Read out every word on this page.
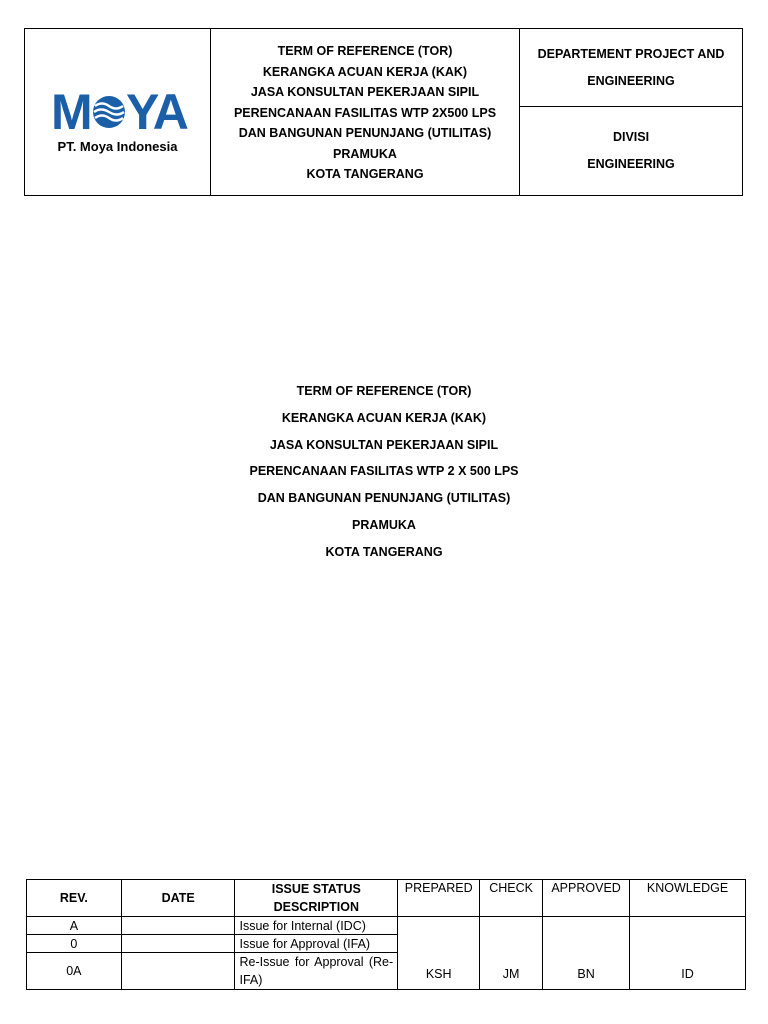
M YA
PT. Moya Indonesia
TERM OF REFERENCE (TOR)
KERANGKA ACUAN KERJA (KAK)
JASA KONSULTAN PEKERJAAN SIPIL
PERENCANAAN FASILITAS WTP 2X500 LPS
DAN BANGUNAN PENUNJANG (UTILITAS)
PRAMUKA
KOTA TANGERANG
DEPARTEMENT PROJECT AND
ENGINEERING
DIVISI
ENGINEERING
TERM OF REFERENCE (TOR)
KERANGKA ACUAN KERJA (KAK)
JASA KONSULTAN PEKERJAAN SIPIL
PERENCANAAN FASILITAS WTP 2 X 500 LPS
DAN BANGUNAN PENUNJANG (UTILITAS)
PRAMUKA
KOTA TANGERANG
REV.	DATE	ISSUE STATUS DESCRIPTION	PREPARED	CHECK	APPROVED	KNOWLEDGE
A		Issue for Internal (IDC)	KSH	JM	BN	ID
0		Issue for Approval (IFA)				
0A		Re-Issue for Approval (Re-IFA)				
